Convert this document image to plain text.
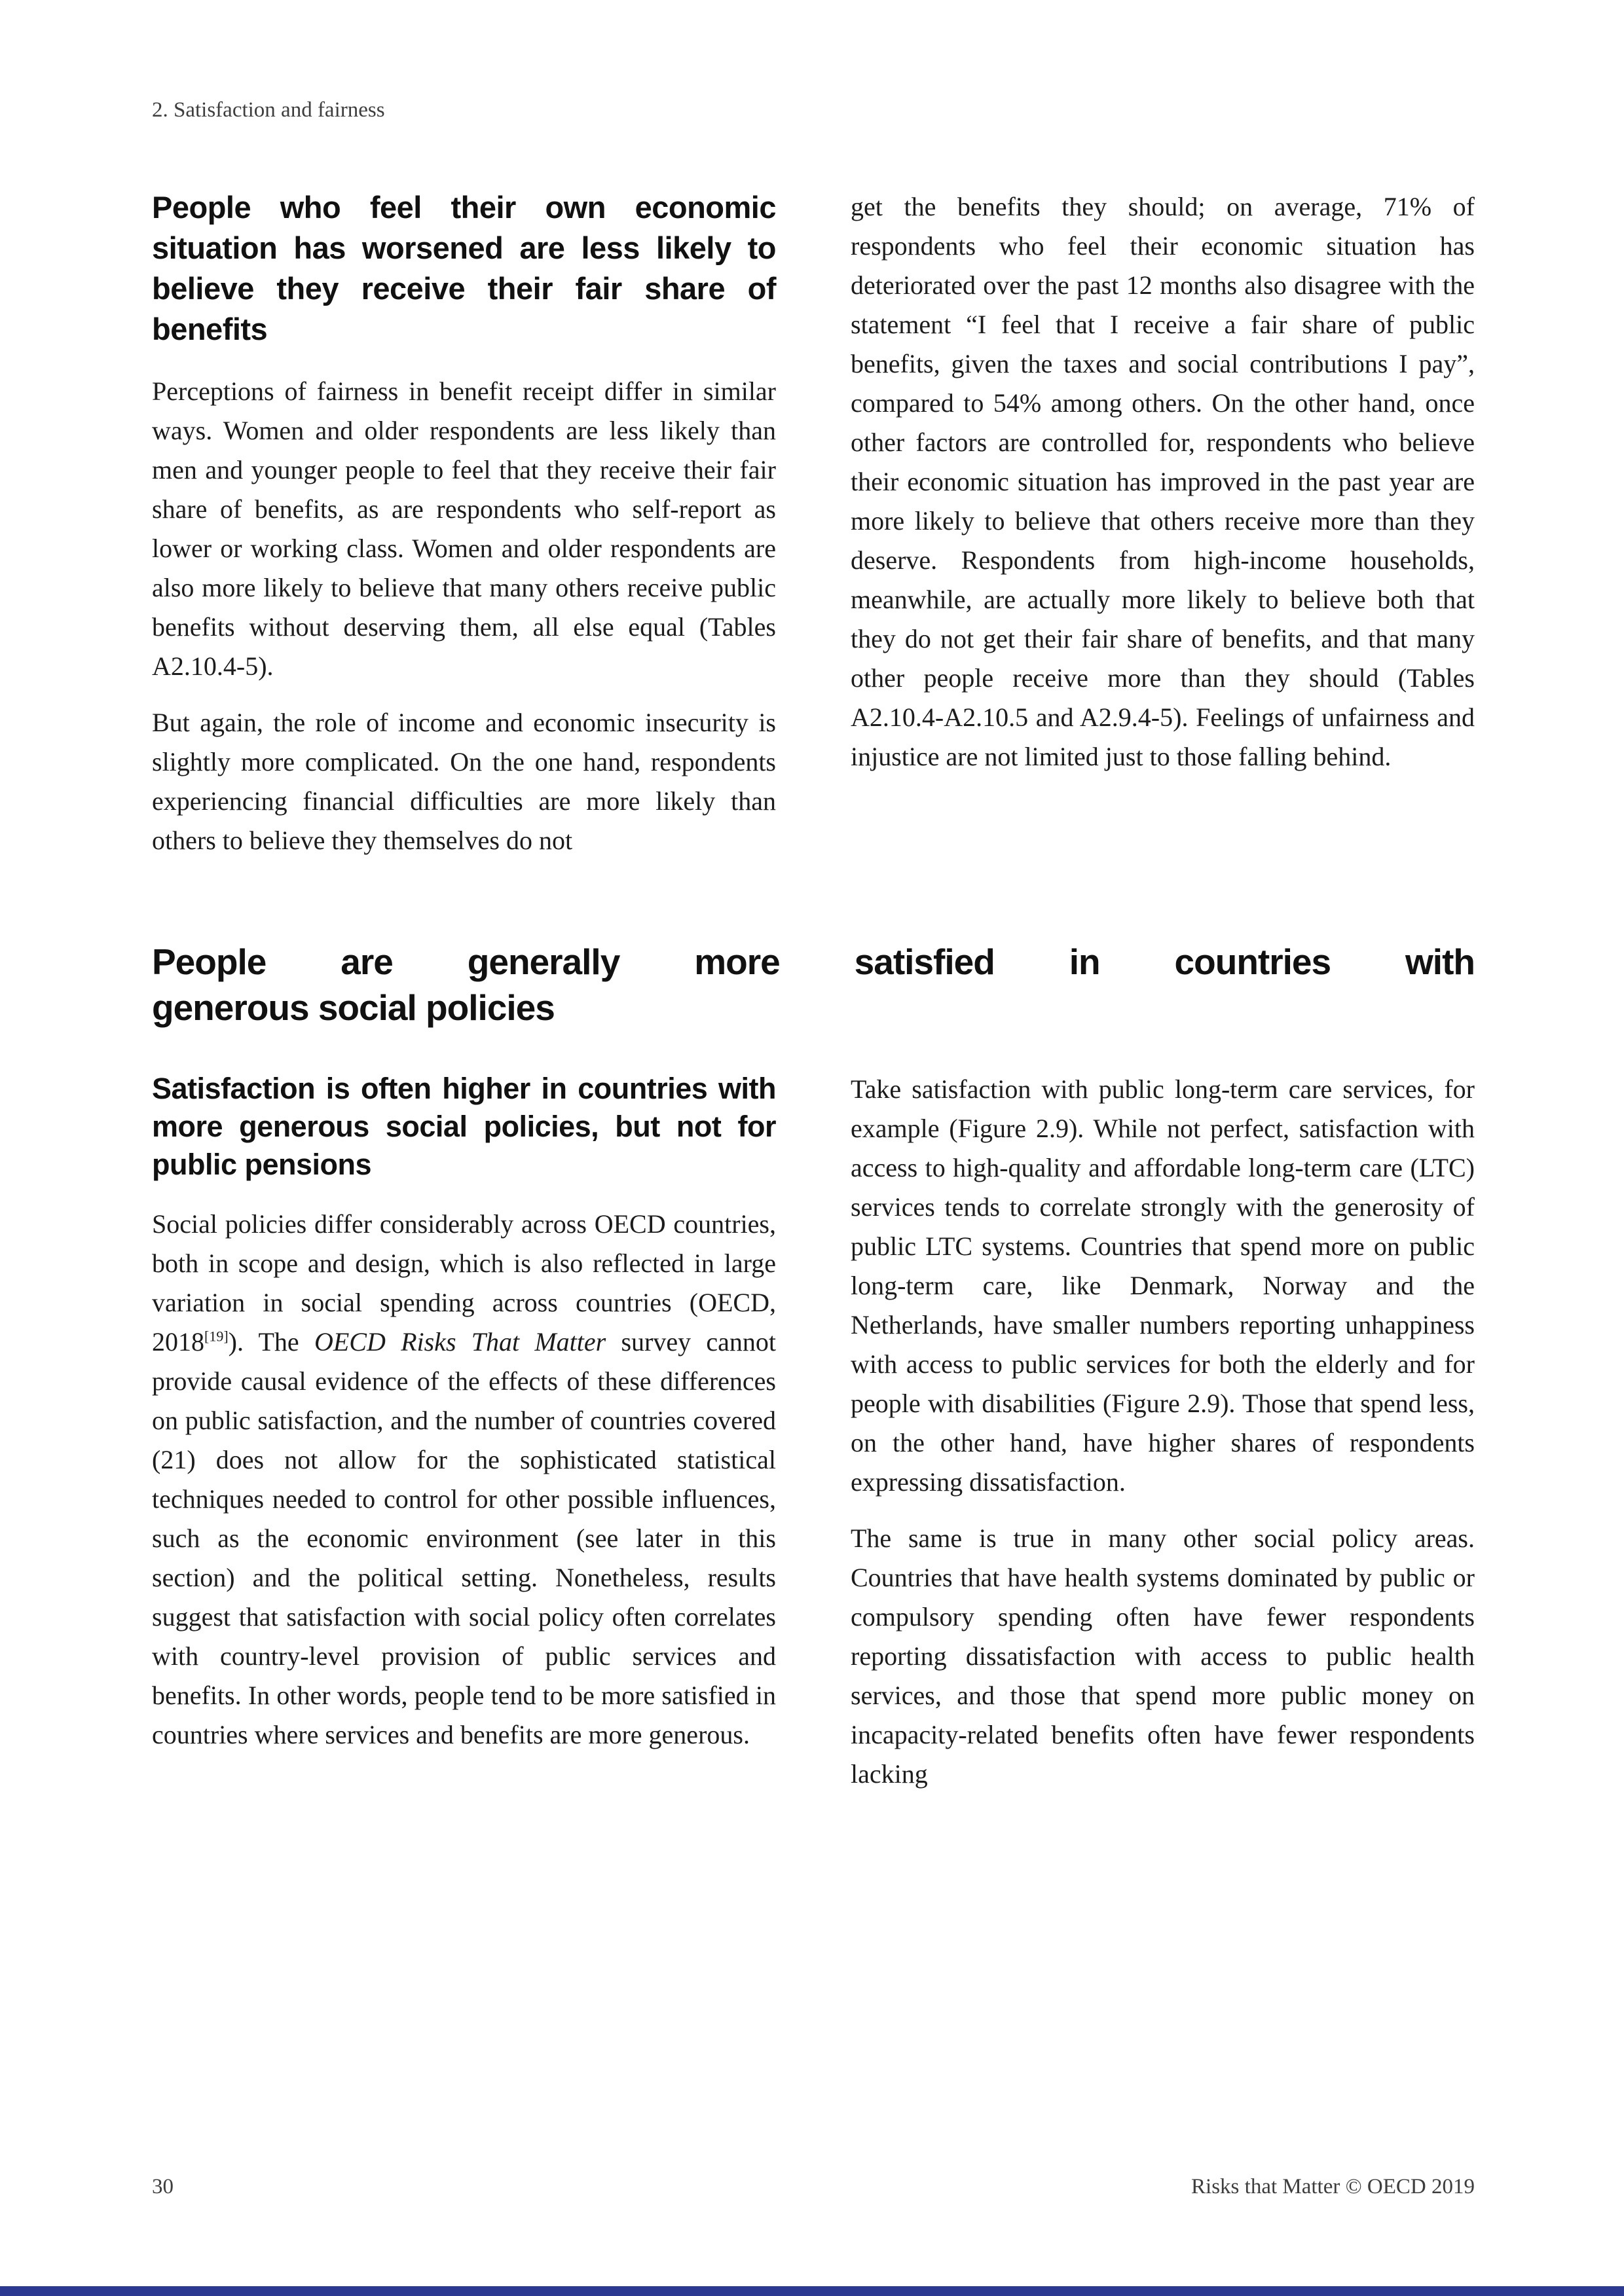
2. Satisfaction and fairness
People who feel their own economic situation has worsened are less likely to believe they receive their fair share of benefits

Perceptions of fairness in benefit receipt differ in similar ways. Women and older respondents are less likely than men and younger people to feel that they receive their fair share of benefits, as are respondents who self-report as lower or working class. Women and older respondents are also more likely to believe that many others receive public benefits without deserving them, all else equal (Tables A2.10.4-5).

But again, the role of income and economic insecurity is slightly more complicated. On the one hand, respondents experiencing financial difficulties are more likely than others to believe they themselves do not

get the benefits they should; on average, 71% of respondents who feel their economic situation has deteriorated over the past 12 months also disagree with the statement “I feel that I receive a fair share of public benefits, given the taxes and social contributions I pay”, compared to 54% among others. On the other hand, once other factors are controlled for, respondents who believe their economic situation has improved in the past year are more likely to believe that others receive more than they deserve. Respondents from high-income households, meanwhile, are actually more likely to believe both that they do not get their fair share of benefits, and that many other people receive more than they should (Tables A2.10.4-A2.10.5 and A2.9.4-5). Feelings of unfairness and injustice are not limited just to those falling behind.

People are generally more satisfied in countries with
generous social policies
Satisfaction is often higher in countries with more generous social policies, but not for public pensions

Social policies differ considerably across OECD countries, both in scope and design, which is also reflected in large variation in social spending across countries (OECD, 2018[19]). The OECD Risks That Matter survey cannot provide causal evidence of the effects of these differences on public satisfaction, and the number of countries covered (21) does not allow for the sophisticated statistical techniques needed to control for other possible influences, such as the economic environment (see later in this section) and the political setting. Nonetheless, results suggest that satisfaction with social policy often correlates with country-level provision of public services and benefits. In other words, people tend to be more satisfied in countries where services and benefits are more generous.

Take satisfaction with public long-term care services, for example (Figure 2.9). While not perfect, satisfaction with access to high-quality and affordable long-term care (LTC) services tends to correlate strongly with the generosity of public LTC systems. Countries that spend more on public long-term care, like Denmark, Norway and the Netherlands, have smaller numbers reporting unhappiness with access to public services for both the elderly and for people with disabilities (Figure 2.9). Those that spend less, on the other hand, have higher shares of respondents expressing dissatisfaction.

The same is true in many other social policy areas. Countries that have health systems dominated by public or compulsory spending often have fewer respondents reporting dissatisfaction with access to public health services, and those that spend more public money on incapacity-related benefits often have fewer respondents lacking

30	Risks that Matter © OECD 2019
